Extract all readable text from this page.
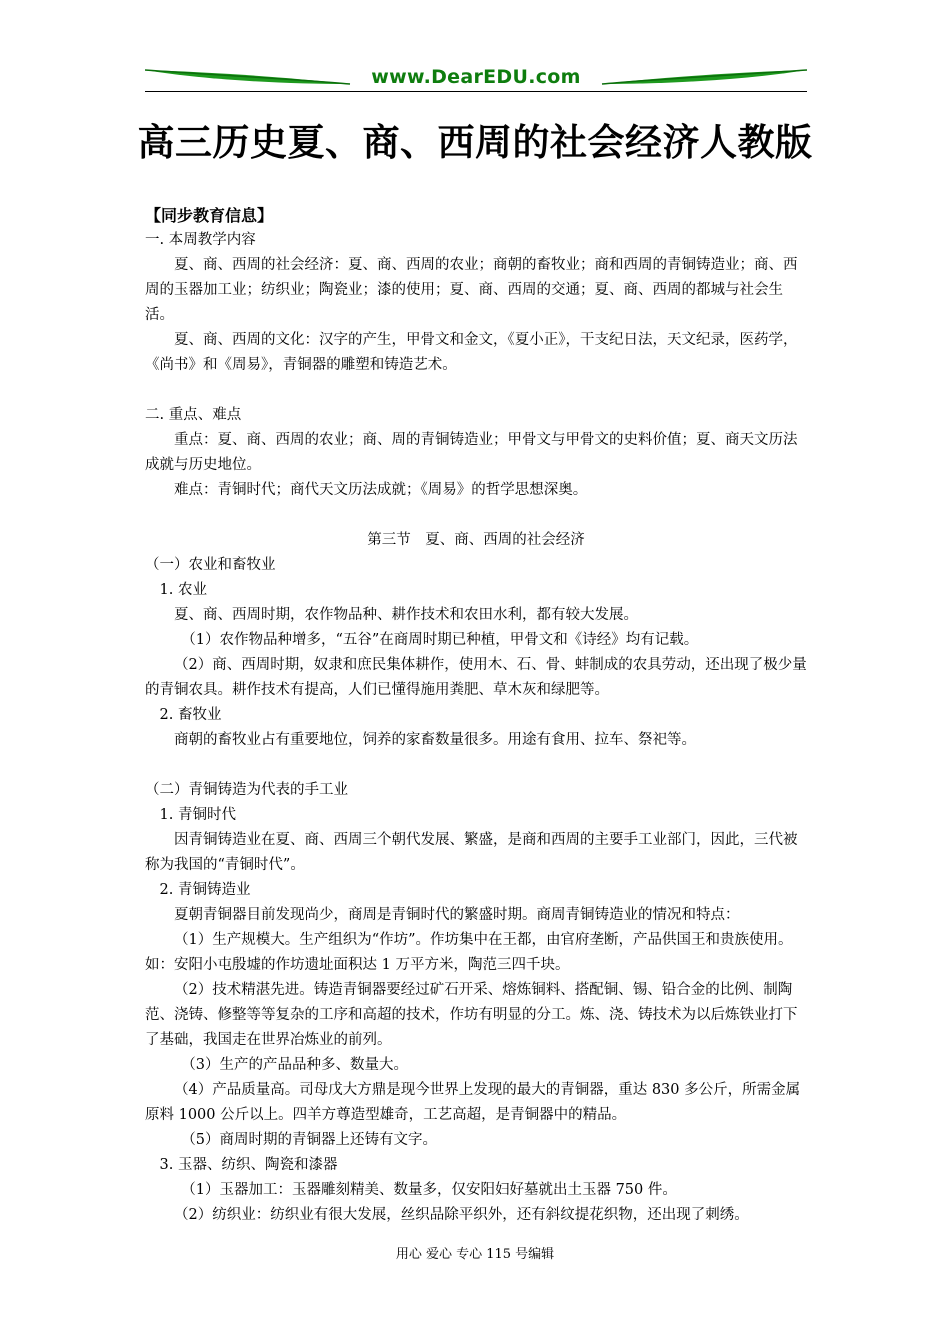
www.DearEDU.com
高三历史夏、商、西周的社会经济人教版

【同步教育信息】

一. 本周教学内容

夏、商、西周的社会经济：夏、商、西周的农业；商朝的畜牧业；商和西周的青铜铸造业；商、西周的玉器加工业；纺织业；陶瓷业；漆的使用；夏、商、西周的交通；夏、商、西周的都城与社会生活。

夏、商、西周的文化：汉字的产生，甲骨文和金文，《夏小正》，干支纪日法，天文纪录，医药学，《尚书》和《周易》，青铜器的雕塑和铸造艺术。

二. 重点、难点

重点：夏、商、西周的农业；商、周的青铜铸造业；甲骨文与甲骨文的史料价值；夏、商天文历法成就与历史地位。

难点：青铜时代；商代天文历法成就；《周易》的哲学思想深奥。

第三节　夏、商、西周的社会经济

（一）农业和畜牧业

1. 农业

夏、商、西周时期，农作物品种、耕作技术和农田水利，都有较大发展。

（1）农作物品种增多，“五谷”在商周时期已种植，甲骨文和《诗经》均有记载。

（2）商、西周时期，奴隶和庶民集体耕作，使用木、石、骨、蚌制成的农具劳动，还出现了极少量的青铜农具。耕作技术有提高，人们已懂得施用粪肥、草木灰和绿肥等。

2. 畜牧业

商朝的畜牧业占有重要地位，饲养的家畜数量很多。用途有食用、拉车、祭祀等。

（二）青铜铸造为代表的手工业

1. 青铜时代

因青铜铸造业在夏、商、西周三个朝代发展、繁盛，是商和西周的主要手工业部门，因此，三代被称为我国的“青铜时代”。

2. 青铜铸造业

夏朝青铜器目前发现尚少，商周是青铜时代的繁盛时期。商周青铜铸造业的情况和特点：

（1）生产规模大。生产组织为“作坊”。作坊集中在王都，由官府垄断，产品供国王和贵族使用。如：安阳小屯殷墟的作坊遗址面积达 1 万平方米，陶范三四千块。

（2）技术精湛先进。铸造青铜器要经过矿石开采、熔炼铜料、搭配铜、锡、铅合金的比例、制陶范、浇铸、修整等等复杂的工序和高超的技术，作坊有明显的分工。炼、浇、铸技术为以后炼铁业打下了基础，我国走在世界冶炼业的前列。

（3）生产的产品品种多、数量大。

（4）产品质量高。司母戊大方鼎是现今世界上发现的最大的青铜器，重达 830 多公斤，所需金属原料 1000 公斤以上。四羊方尊造型雄奇，工艺高超，是青铜器中的精品。

（5）商周时期的青铜器上还铸有文字。

3. 玉器、纺织、陶瓷和漆器

（1）玉器加工：玉器雕刻精美、数量多，仅安阳妇好墓就出土玉器 750 件。

（2）纺织业：纺织业有很大发展，丝织品除平织外，还有斜纹提花织物，还出现了刺绣。

用心 爱心 专心 115 号编辑
